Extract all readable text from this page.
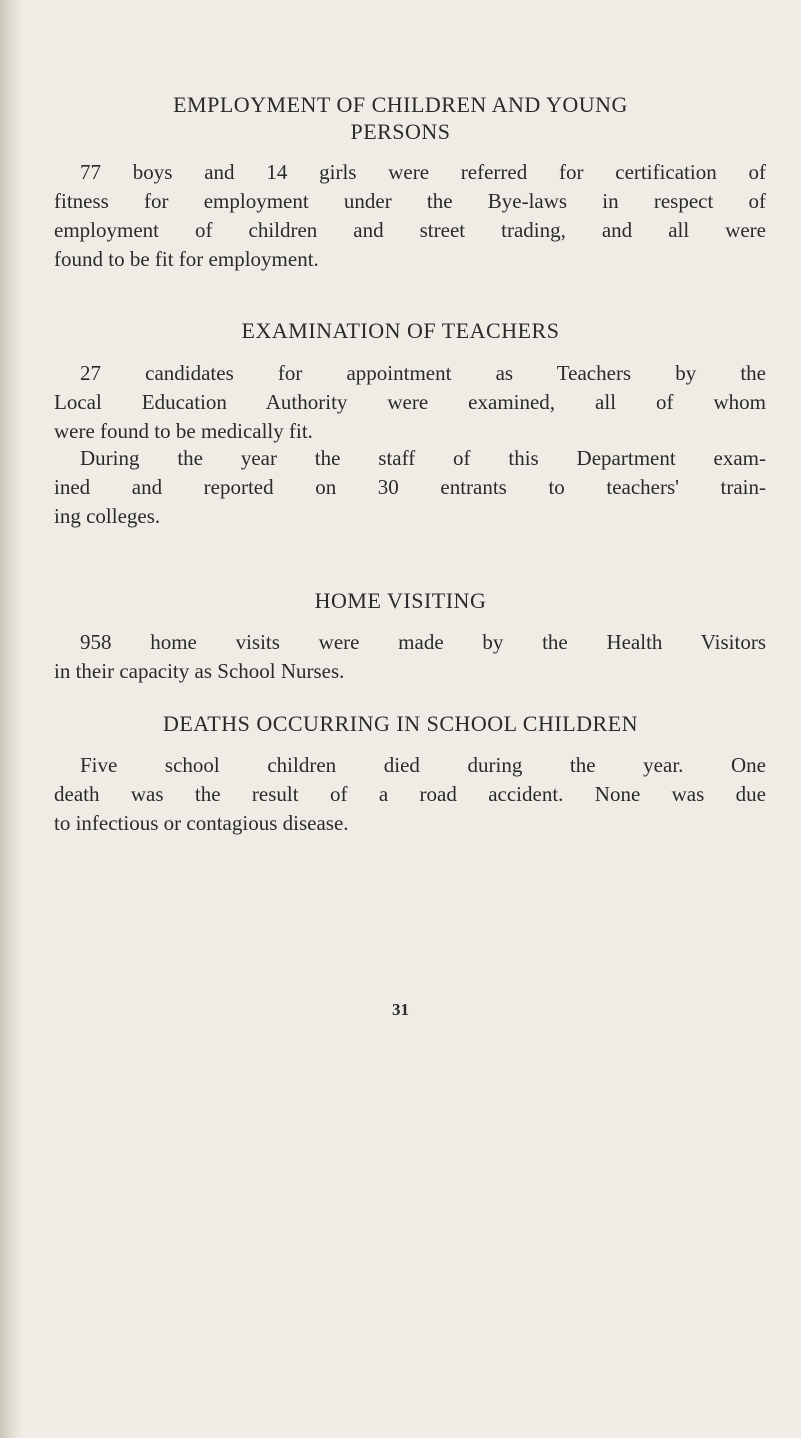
EMPLOYMENT OF CHILDREN AND YOUNG
PERSONS
77 boys and 14 girls were referred for certification of
fitness for employment under the Bye-laws in respect of
employment of children and street trading, and all were
found to be fit for employment.
EXAMINATION OF TEACHERS
27 candidates for appointment as Teachers by the
Local Education Authority were examined, all of whom
were found to be medically fit.
During the year the staff of this Department exam-
ined and reported on 30 entrants to teachers' train-
ing colleges.
HOME VISITING
958 home visits were made by the Health Visitors
in their capacity as School Nurses.
DEATHS OCCURRING IN SCHOOL CHILDREN
Five school children died during the year. One
death was the result of a road accident. None was due
to infectious or contagious disease.
31
